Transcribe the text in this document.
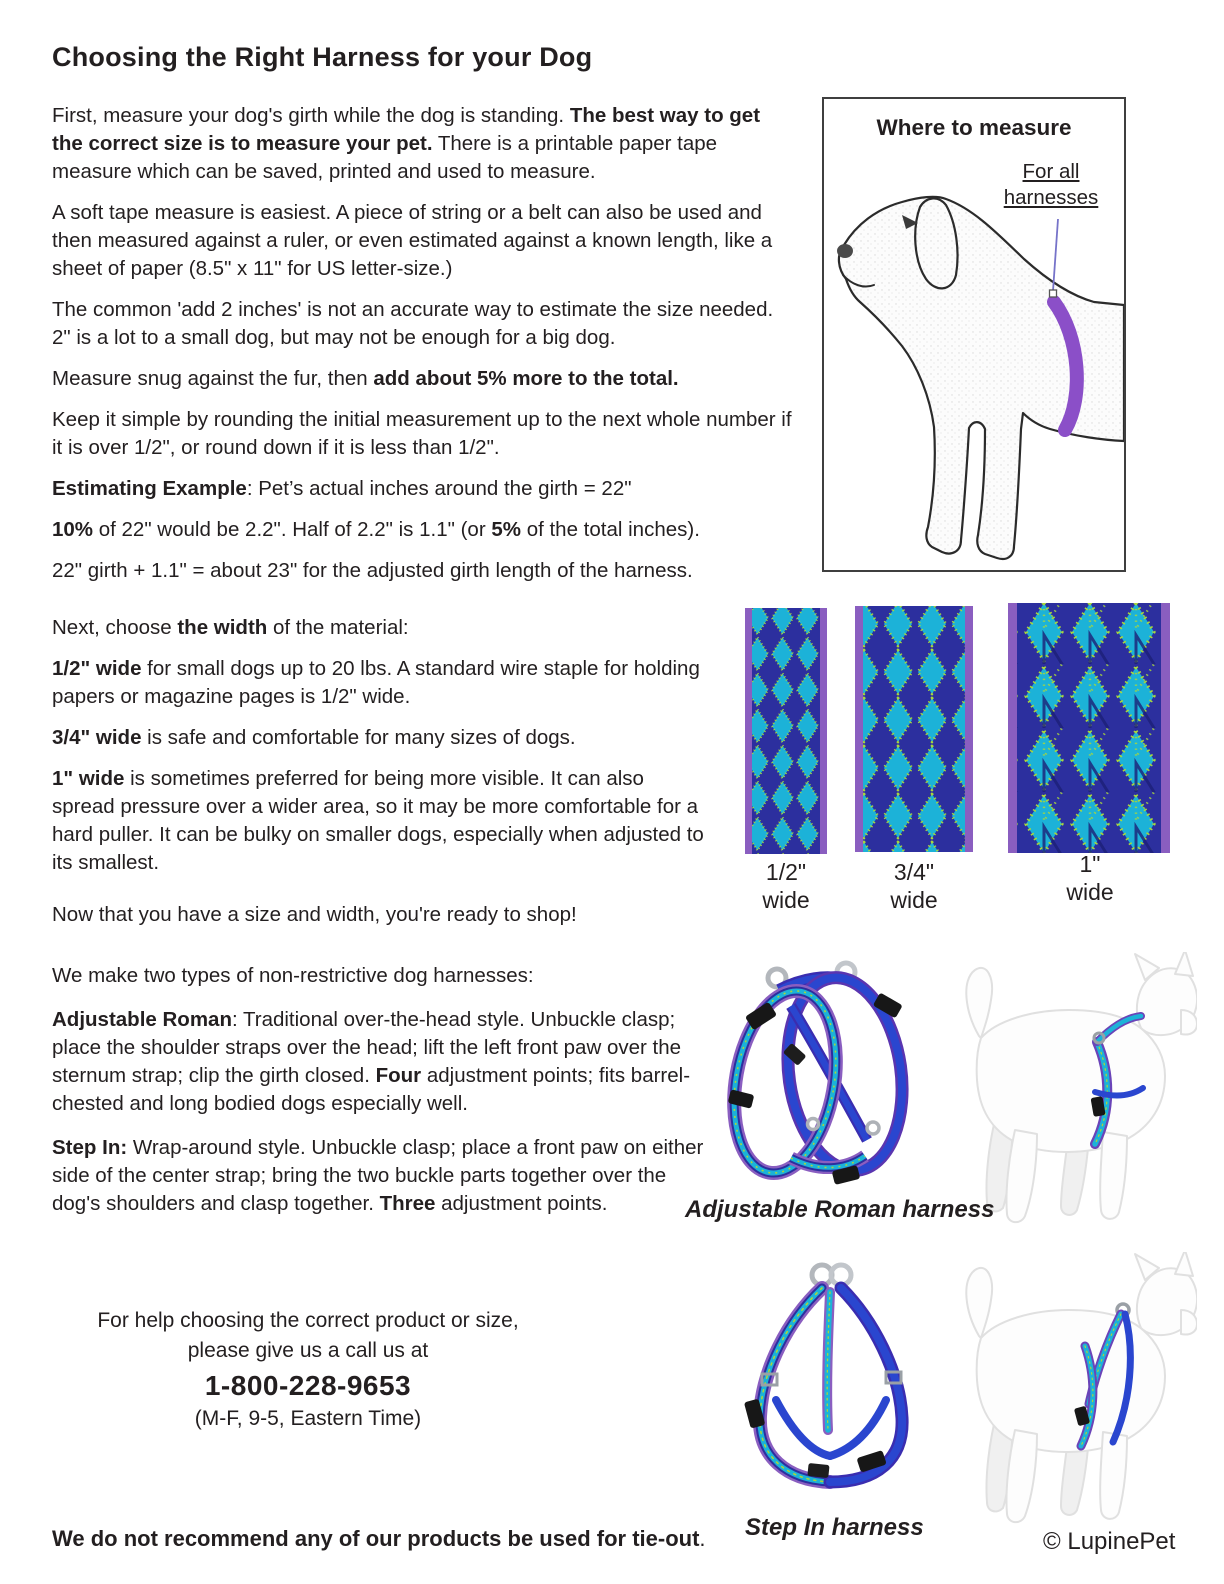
Choosing the Right Harness for your Dog

First, measure your dog's girth while the dog is standing. The best way to get the correct size is to measure your pet. There is a printable paper tape measure which can be saved, printed and used to measure.

A soft tape measure is easiest. A piece of string or a belt can also be used and then measured against a ruler, or even estimated against a known length, like a sheet of paper (8.5" x 11" for US letter-size.)

The common 'add 2 inches' is not an accurate way to estimate the size needed. 2" is a lot to a small dog, but may not be enough for a big dog.

Measure snug against the fur, then add about 5% more to the total.

Keep it simple by rounding the initial measurement up to the next whole number if it is over 1/2", or round down if it is less than 1/2".

Estimating Example: Pet’s actual inches around the girth = 22"

10% of 22" would be 2.2". Half of 2.2" is 1.1" (or 5% of the total inches).

22" girth + 1.1" = about 23" for the adjusted girth length of the harness.

Next, choose the width of the material:

1/2" wide for small dogs up to 20 lbs. A standard wire staple for holding papers or magazine pages is 1/2" wide.

3/4" wide is safe and comfortable for many sizes of dogs.

1" wide is sometimes preferred for being more visible. It can also spread pressure over a wider area, so it may be more comfortable for a hard puller. It can be bulky on smaller dogs, especially when adjusted to its smallest.

Now that you have a size and width, you're ready to shop!

We make two types of non-restrictive dog harnesses:

Adjustable Roman: Traditional over-the-head style. Unbuckle clasp; place the shoulder straps over the head; lift the left front paw over the sternum strap; clip the girth closed. Four adjustment points; fits barrel-chested and long bodied dogs especially well.

Step In: Wrap-around style. Unbuckle clasp; place a front paw on either side of the center strap; bring the two buckle parts together over the dog's shoulders and clasp together. Three adjustment points.

For help choosing the correct product or size,
please give us a call us at
1-800-228-9653
(M-F, 9-5, Eastern Time)
Where to measure
For all
harnesses
1/2"
wide
3/4"
wide
1"
wide
Adjustable Roman harness
Step In harness
© LupinePet
We do not recommend any of our products be used for tie-out.
